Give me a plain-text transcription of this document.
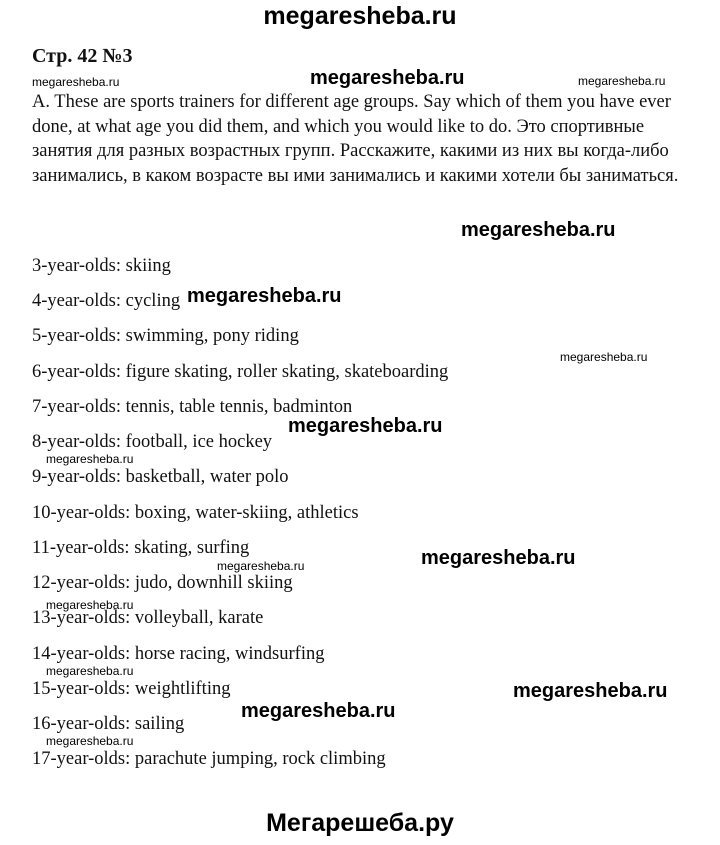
megaresheba.ru
Стр. 42 №3
A. These are sports trainers for different age groups. Say which of them you have ever done, at what age you did them, and which you would like to do. Это спортивные занятия для разных возрастных групп. Расскажите, какими из них вы когда-либо занимались, в каком возрасте вы ими занимались и какими хотели бы заниматься.
3-year-olds: skiing
4-year-olds: cycling
5-year-olds: swimming, pony riding
6-year-olds: figure skating, roller skating, skateboarding
7-year-olds: tennis, table tennis, badminton
8-year-olds: football, ice hockey
9-year-olds: basketball, water polo
10-year-olds: boxing, water-skiing, athletics
11-year-olds: skating, surfing
12-year-olds: judo, downhill skiing
13-year-olds: volleyball, karate
14-year-olds: horse racing, windsurfing
15-year-olds: weightlifting
16-year-olds: sailing
17-year-olds: parachute jumping, rock climbing
megaresheba.ru
megaresheba.ru
megaresheba.ru
megaresheba.ru
megaresheba.ru
megaresheba.ru
megaresheba.ru
megaresheba.ru	megaresheba.ru
megaresheba.ru
megaresheba.ru
megaresheba.ru
megaresheba.ru
megaresheba.ru
megaresheba.ru
Мегарешеба.ру
